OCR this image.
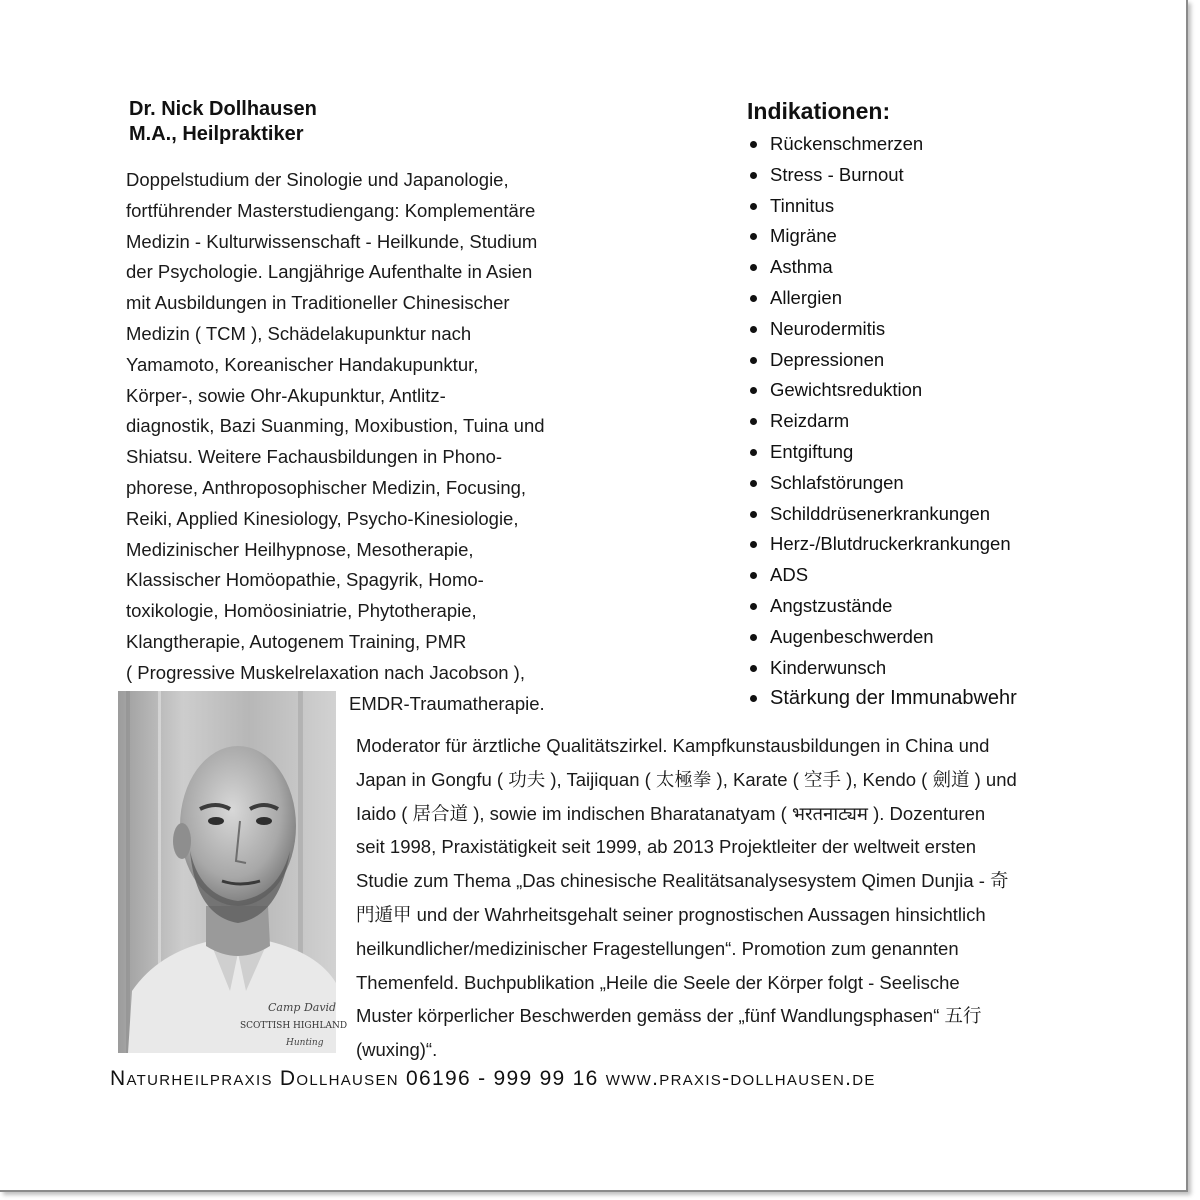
Dr. Nick Dollhausen
M.A., Heilpraktiker
Doppelstudium der Sinologie und Japanologie,
fortführender Masterstudiengang: Komplementäre
Medizin - Kulturwissenschaft - Heilkunde, Studium
der Psychologie. Langjährige Aufenthalte in Asien
mit Ausbildungen in Traditioneller Chinesischer
Medizin ( TCM ), Schädelakupunktur nach
Yamamoto, Koreanischer Handakupunktur,
Körper-, sowie Ohr-Akupunktur, Antlitz-
diagnostik, Bazi Suanming, Moxibustion, Tuina und
Shiatsu. Weitere Fachausbildungen in Phono-
phorese, Anthroposophischer Medizin, Focusing,
Reiki, Applied Kinesiology, Psycho-Kinesiologie,
Medizinischer Heilhypnose, Mesotherapie,
Klassischer Homöopathie, Spagyrik, Homo-
toxikologie, Homöosiniatrie, Phytotherapie,
Klangtherapie, Autogenem Training, PMR
( Progressive Muskelrelaxation nach Jacobson ),
EMDR-Traumatherapie.
Indikationen:
Rückenschmerzen
Stress - Burnout
Tinnitus
Migräne
Asthma
Allergien
Neurodermitis
Depressionen
Gewichtsreduktion
Reizdarm
Entgiftung
Schlafstörungen
Schilddrüsenerkrankungen
Herz-/Blutdruckerkrankungen
ADS
Angstzustände
Augenbeschwerden
Kinderwunsch
Stärkung der Immunabwehr
Camp David
SCOTTISH HIGHLAND
Hunting
Moderator für ärztliche Qualitätszirkel. Kampfkunstausbildungen in China und
Japan in Gongfu ( 功夫 ), Taijiquan ( 太極拳 ), Karate ( 空手 ), Kendo ( 劍道 ) und
Iaido ( 居合道 ), sowie im indischen Bharatanatyam ( भरतनाट्यम ). Dozenturen
seit 1998, Praxistätigkeit seit 1999, ab 2013 Projektleiter der weltweit ersten
Studie zum Thema „Das chinesische Realitätsanalysesystem Qimen Dunjia - 奇
門遁甲 und der Wahrheitsgehalt seiner prognostischen Aussagen hinsichtlich
heilkundlicher/medizinischer Fragestellungen“. Promotion zum genannten
Themenfeld. Buchpublikation „Heile die Seele der Körper folgt - Seelische
Muster körperlicher Beschwerden gemäss der „fünf Wandlungsphasen“ 五行
(wuxing)“.
Naturheilpraxis Dollhausen 06196 - 999 99 16 www.praxis-dollhausen.de
